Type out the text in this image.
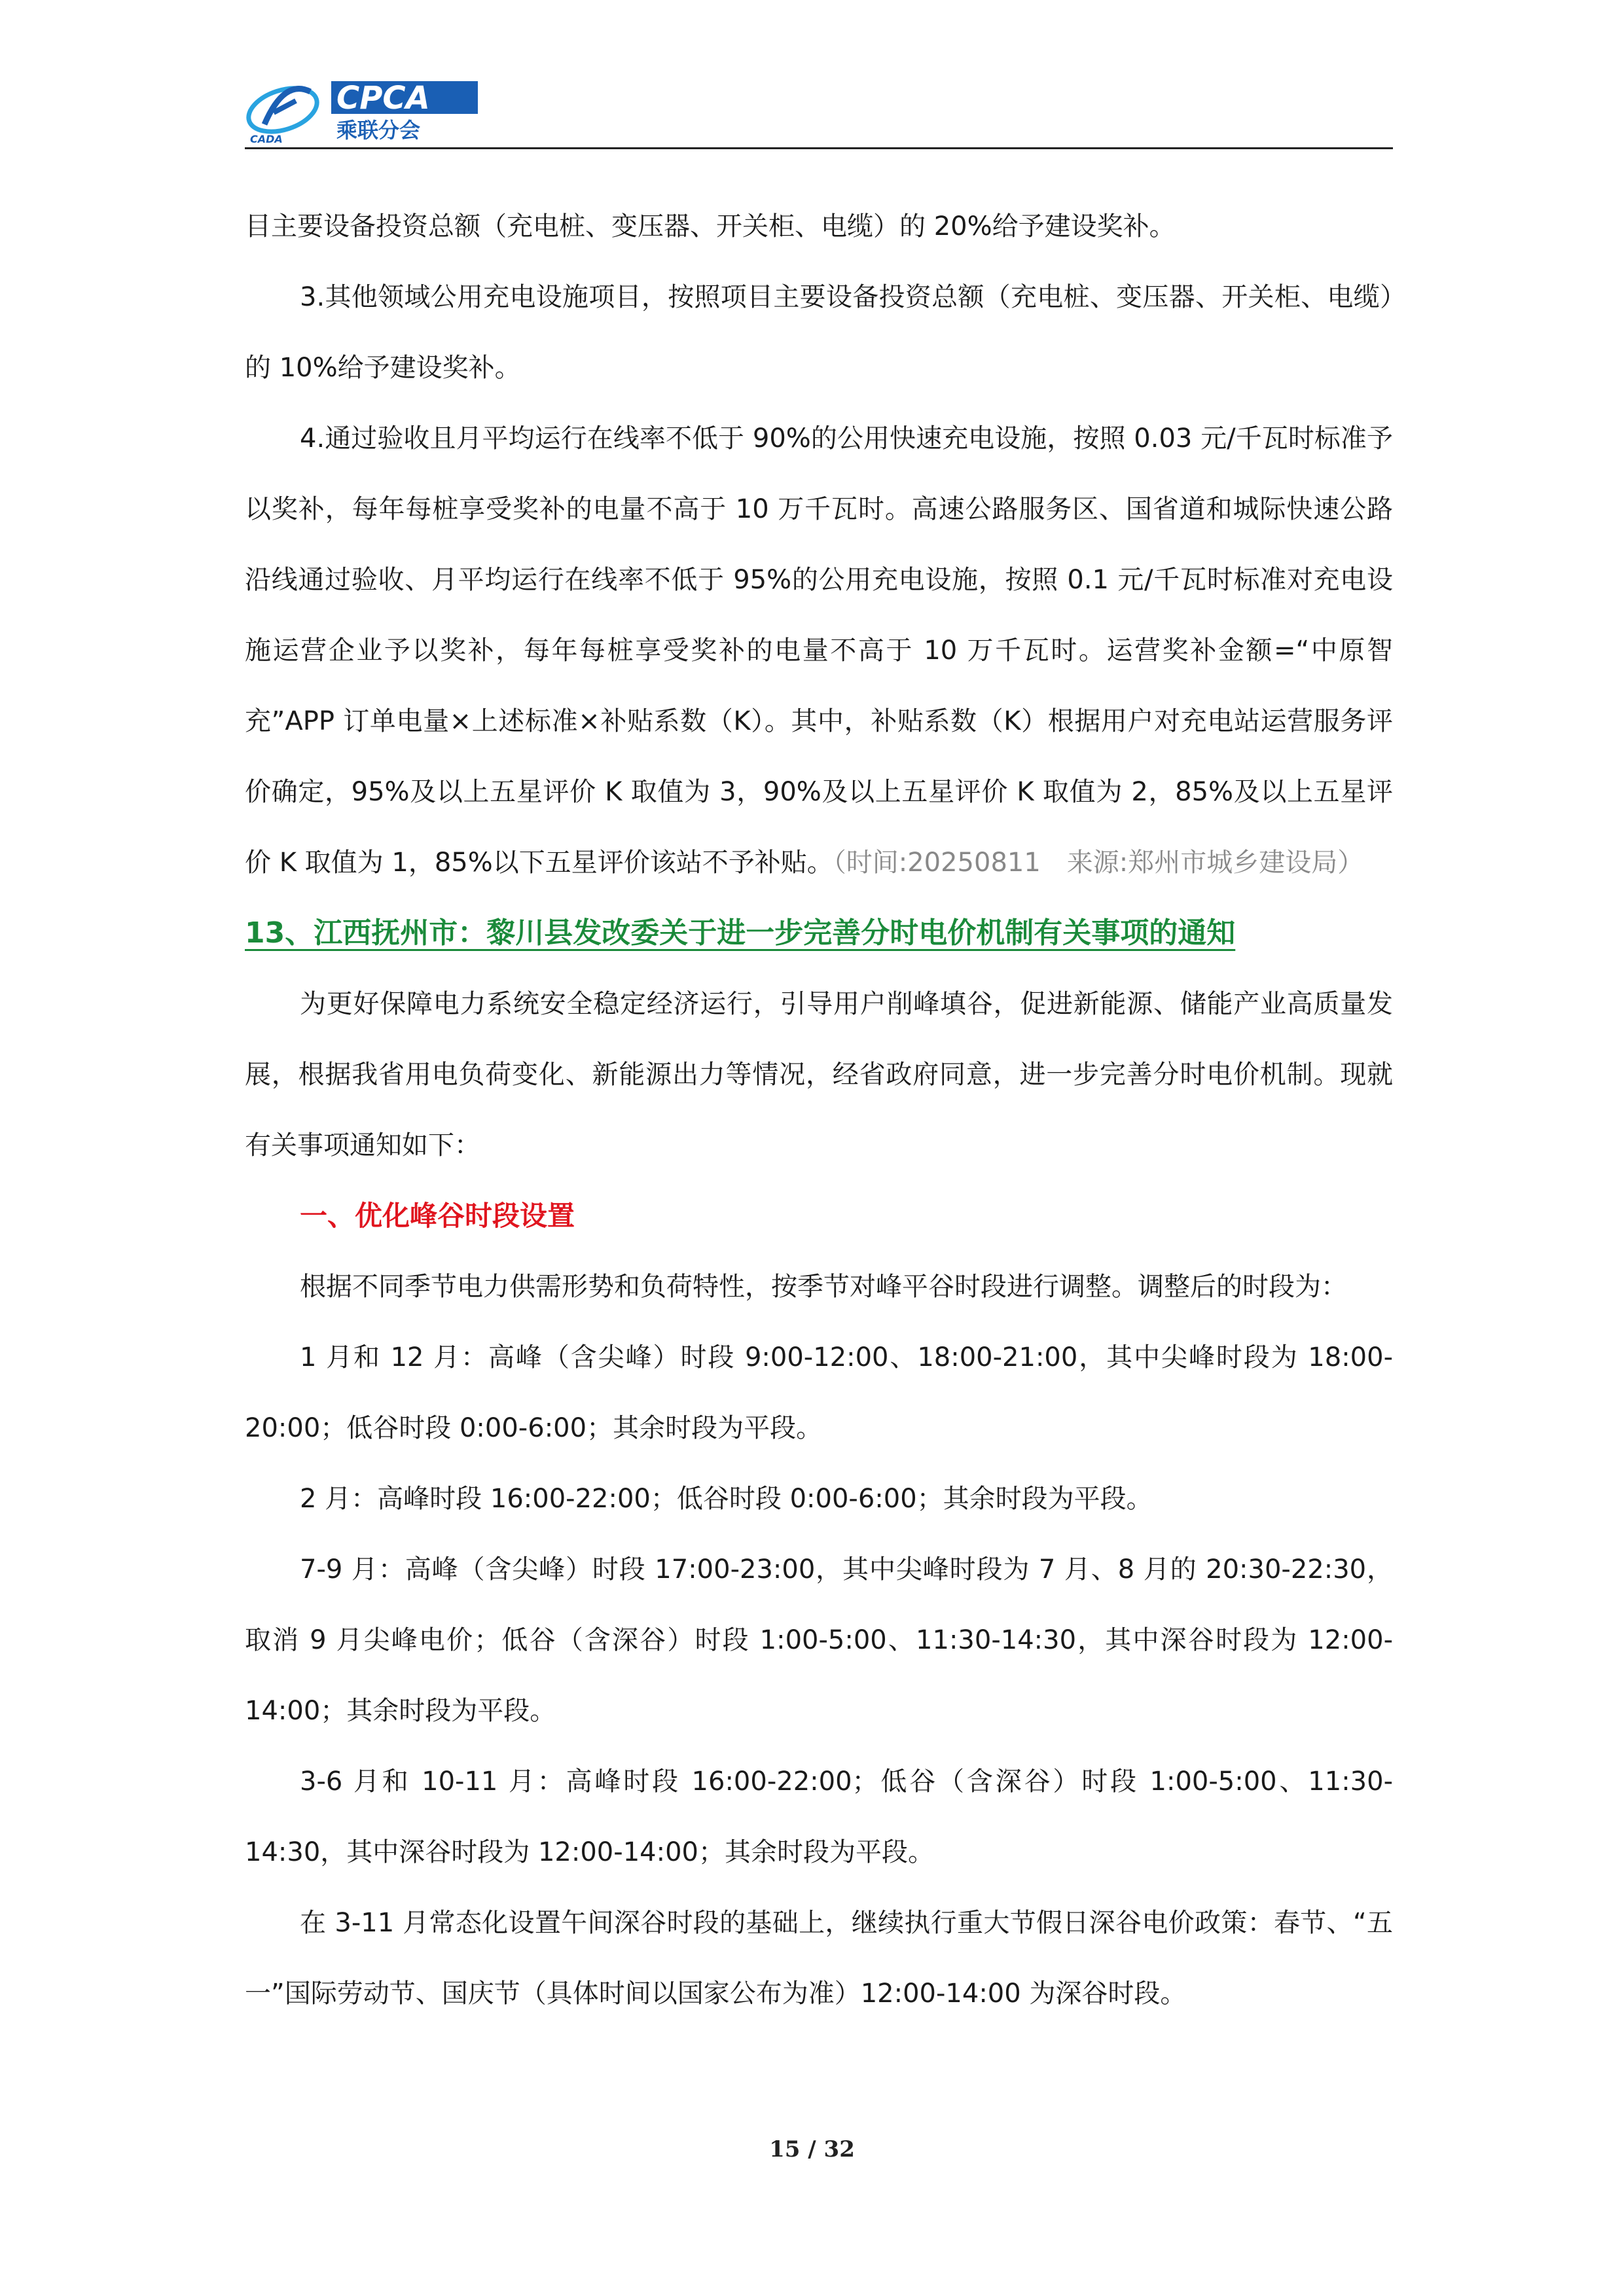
CADA
CPCA
乘联分会

目主要设备投资总额（充电桩、变压器、开关柜、电缆）的 20%给予建设奖补。

3.其他领域公用充电设施项目，按照项目主要设备投资总额（充电桩、变压器、开关柜、电缆）的 10%给予建设奖补。

4.通过验收且月平均运行在线率不低于 90%的公用快速充电设施，按照 0.03 元/千瓦时标准予以奖补，每年每桩享受奖补的电量不高于 10 万千瓦时。高速公路服务区、国省道和城际快速公路沿线通过验收、月平均运行在线率不低于 95%的公用充电设施，按照 0.1 元/千瓦时标准对充电设施运营企业予以奖补，每年每桩享受奖补的电量不高于 10 万千瓦时。运营奖补金额=“中原智充”APP 订单电量×上述标准×补贴系数（K）。其中，补贴系数（K）根据用户对充电站运营服务评价确定，95%及以上五星评价 K 取值为 3，90%及以上五星评价 K 取值为 2，85%及以上五星评价 K 取值为 1，85%以下五星评价该站不予补贴。（时间:20250811　来源:郑州市城乡建设局）

13、江西抚州市：黎川县发改委关于进一步完善分时电价机制有关事项的通知

为更好保障电力系统安全稳定经济运行，引导用户削峰填谷，促进新能源、储能产业高质量发展，根据我省用电负荷变化、新能源出力等情况，经省政府同意，进一步完善分时电价机制。现就有关事项通知如下：

一、优化峰谷时段设置

根据不同季节电力供需形势和负荷特性，按季节对峰平谷时段进行调整。调整后的时段为：

1 月和 12 月：高峰（含尖峰）时段 9:00-12:00、18:00-21:00，其中尖峰时段为 18:00-20:00；低谷时段 0:00-6:00；其余时段为平段。

2 月：高峰时段 16:00-22:00；低谷时段 0:00-6:00；其余时段为平段。

7-9 月：高峰（含尖峰）时段 17:00-23:00，其中尖峰时段为 7 月、8 月的 20:30-22:30，取消 9 月尖峰电价；低谷（含深谷）时段 1:00-5:00、11:30-14:30，其中深谷时段为 12:00-14:00；其余时段为平段。

3-6 月和 10-11 月：高峰时段 16:00-22:00；低谷（含深谷）时段 1:00-5:00、11:30-14:30，其中深谷时段为 12:00-14:00；其余时段为平段。

在 3-11 月常态化设置午间深谷时段的基础上，继续执行重大节假日深谷电价政策：春节、“五一”国际劳动节、国庆节（具体时间以国家公布为准）12:00-14:00 为深谷时段。

15 / 32
